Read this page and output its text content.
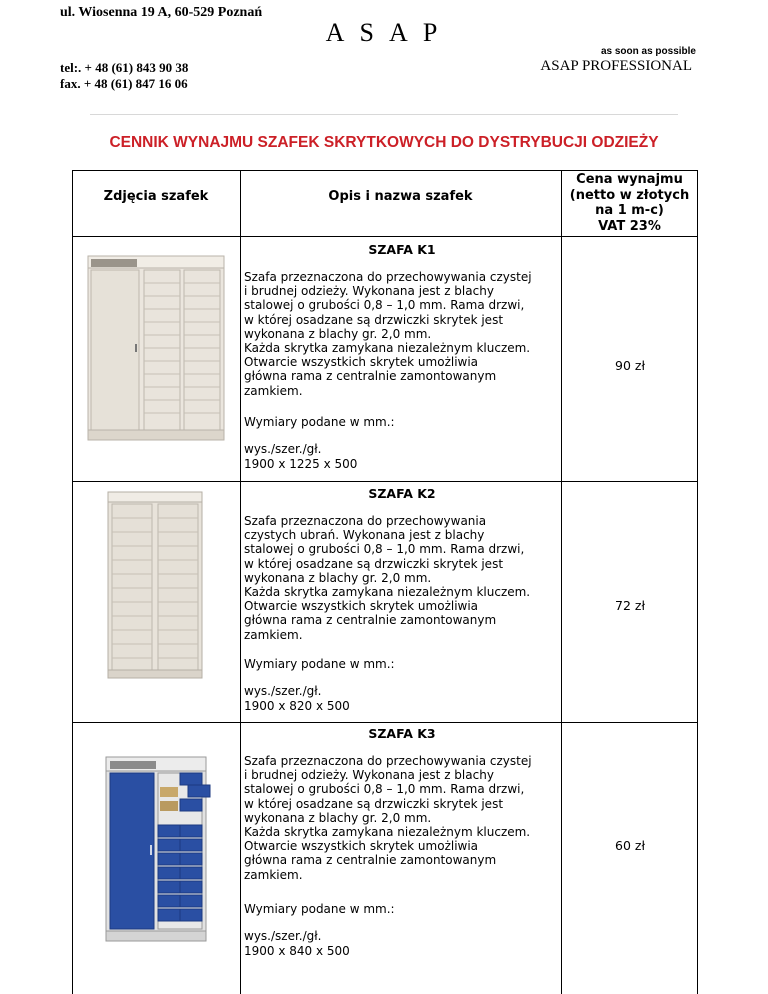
ul. Wiosenna 19 A, 60-529 Poznań
A S A P
as soon as possible
ASAP PROFESSIONAL
tel:. + 48 (61) 843 90 38
fax. + 48 (61) 847 16 06
CENNIK WYNAJMU SZAFEK SKRYTKOWYCH DO DYSTRYBUCJI ODZIEŻY
Zdjęcia szafek	Opis i nazwa szafek
Cena wynajmu
(netto w złotych
na 1 m-c)
VAT 23%
SZAFA K1
Szafa przeznaczona do przechowywania czystej
i brudnej odzieży. Wykonana jest z blachy
stalowej o grubości 0,8 – 1,0 mm. Rama drzwi,
w której osadzane są drzwiczki skrytek jest
wykonana z blachy gr. 2,0 mm.
Każda skrytka zamykana niezależnym kluczem.
Otwarcie wszystkich skrytek umożliwia
główna rama z centralnie zamontowanym
zamkiem.
Wymiary podane w mm.:
wys./szer./gł.
1900 x 1225 x 500
90 zł
SZAFA K2
Szafa przeznaczona do przechowywania
czystych ubrań. Wykonana jest z blachy
stalowej o grubości 0,8 – 1,0 mm. Rama drzwi,
w której osadzane są drzwiczki skrytek jest
wykonana z blachy gr. 2,0 mm.
Każda skrytka zamykana niezależnym kluczem.
Otwarcie wszystkich skrytek umożliwia
główna rama z centralnie zamontowanym
zamkiem.
Wymiary podane w mm.:
wys./szer./gł.
1900 x 820 x 500
72 zł
SZAFA K3
Szafa przeznaczona do przechowywania czystej
i brudnej odzieży. Wykonana jest z blachy
stalowej o grubości 0,8 – 1,0 mm. Rama drzwi,
w której osadzane są drzwiczki skrytek jest
wykonana z blachy gr. 2,0 mm.
Każda skrytka zamykana niezależnym kluczem.
Otwarcie wszystkich skrytek umożliwia
główna rama z centralnie zamontowanym
zamkiem.
Wymiary podane w mm.:
wys./szer./gł.
1900 x 840 x 500
60 zł
